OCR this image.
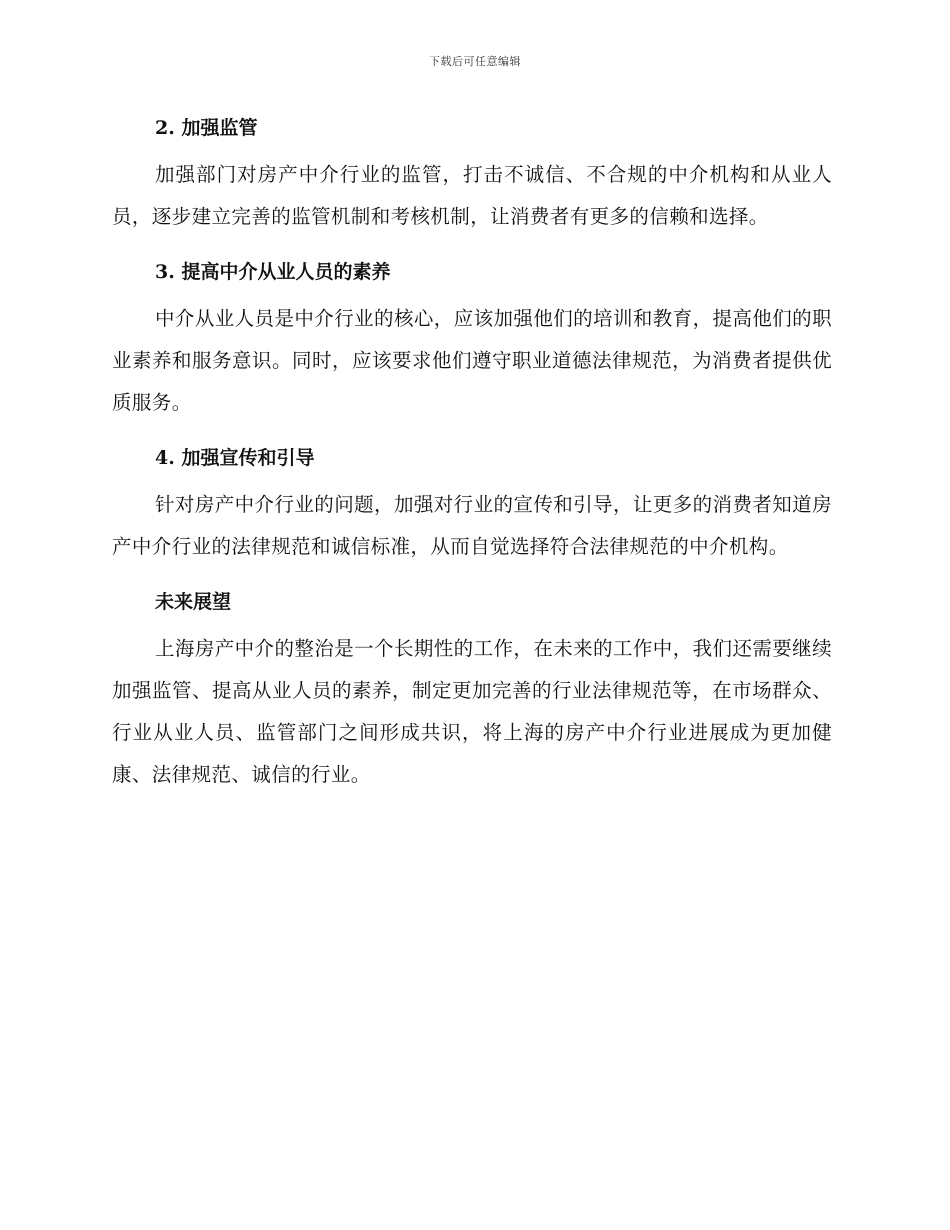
下载后可任意编辑
2. 加强监管

加强部门对房产中介行业的监管，打击不诚信、不合规的中介机构和从业人员，逐步建立完善的监管机制和考核机制，让消费者有更多的信赖和选择。

3. 提高中介从业人员的素养

中介从业人员是中介行业的核心，应该加强他们的培训和教育，提高他们的职业素养和服务意识。同时，应该要求他们遵守职业道德法律规范，为消费者提供优质服务。

4. 加强宣传和引导

针对房产中介行业的问题，加强对行业的宣传和引导，让更多的消费者知道房产中介行业的法律规范和诚信标准，从而自觉选择符合法律规范的中介机构。

未来展望

上海房产中介的整治是一个长期性的工作，在未来的工作中，我们还需要继续加强监管、提高从业人员的素养，制定更加完善的行业法律规范等，在市场群众、行业从业人员、监管部门之间形成共识，将上海的房产中介行业进展成为更加健康、法律规范、诚信的行业。
